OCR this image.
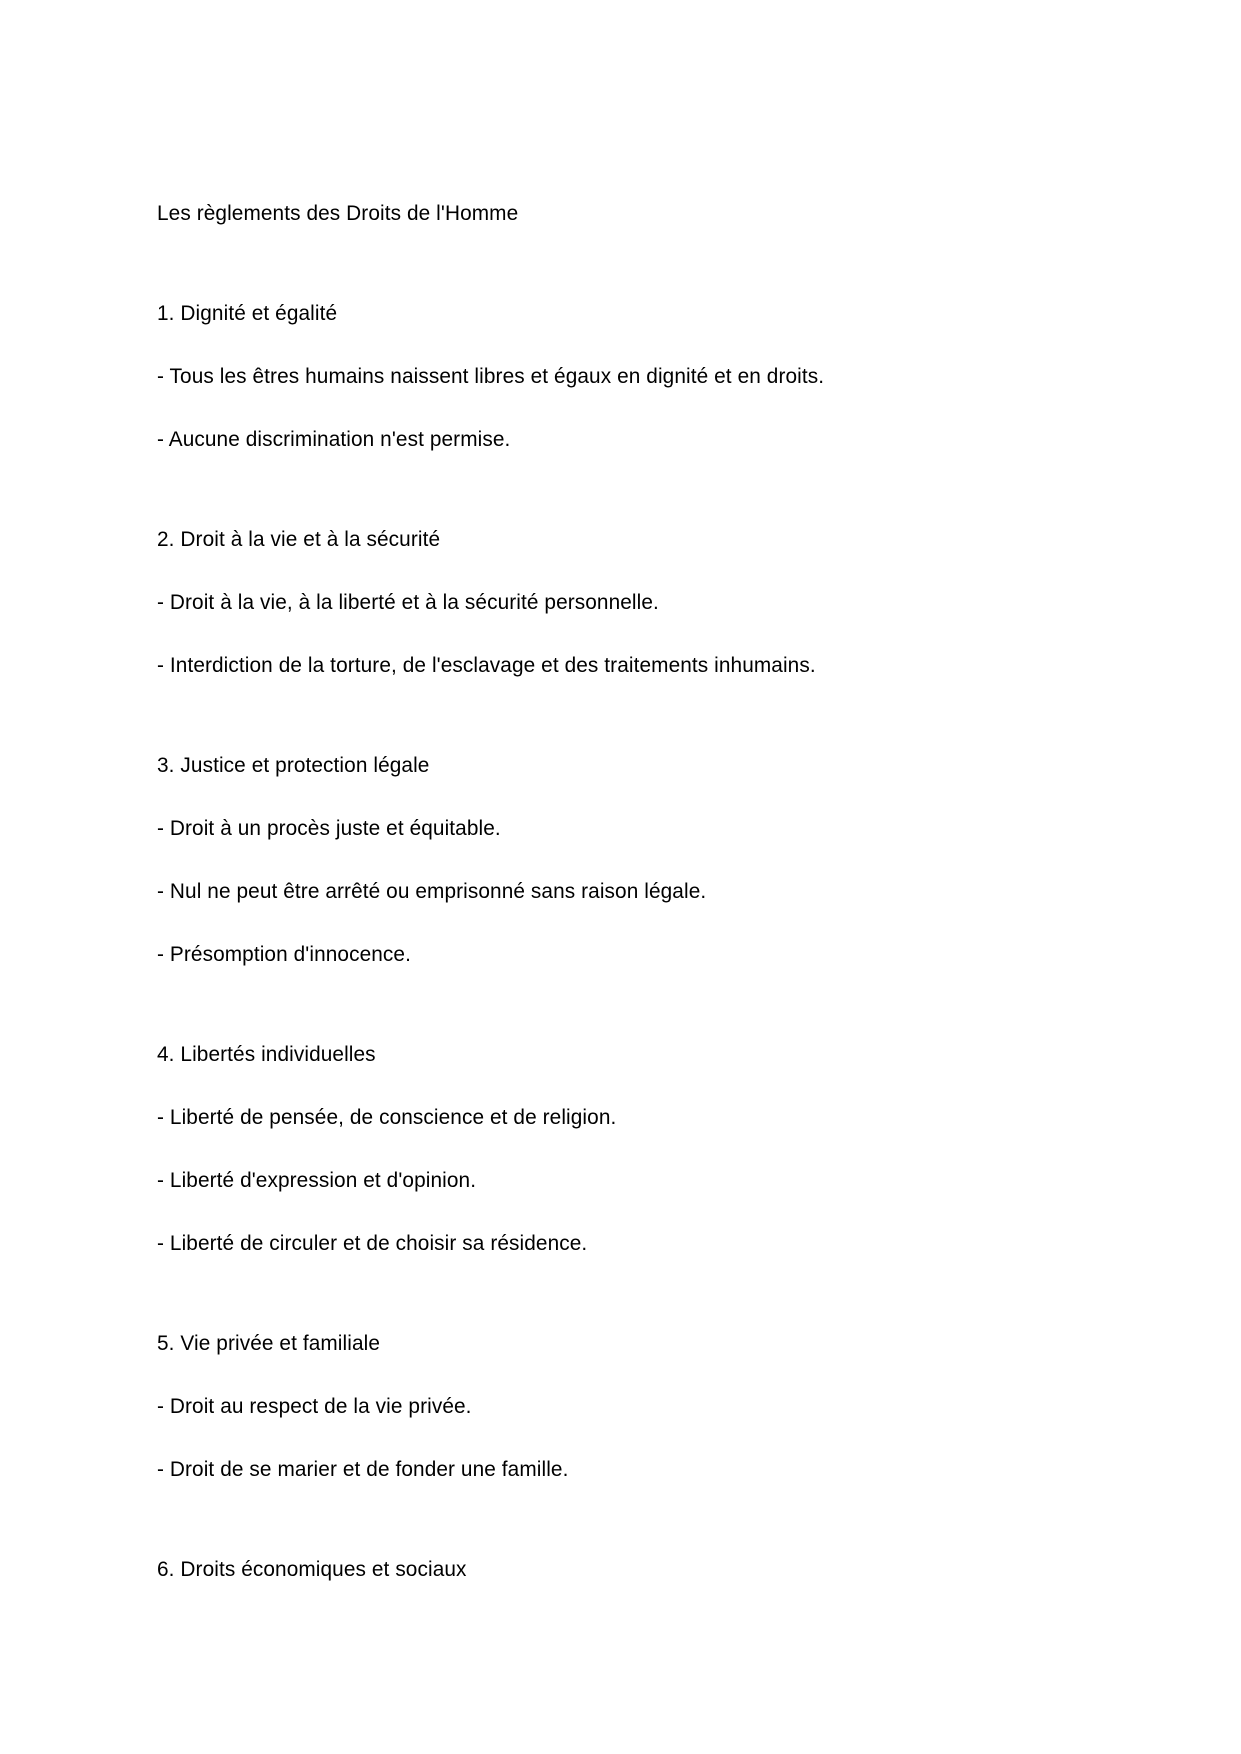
Les règlements des Droits de l'Homme
1. Dignité et égalité
- Tous les êtres humains naissent libres et égaux en dignité et en droits.
- Aucune discrimination n'est permise.
2. Droit à la vie et à la sécurité
- Droit à la vie, à la liberté et à la sécurité personnelle.
- Interdiction de la torture, de l'esclavage et des traitements inhumains.
3. Justice et protection légale
- Droit à un procès juste et équitable.
- Nul ne peut être arrêté ou emprisonné sans raison légale.
- Présomption d'innocence.
4. Libertés individuelles
- Liberté de pensée, de conscience et de religion.
- Liberté d'expression et d'opinion.
- Liberté de circuler et de choisir sa résidence.
5. Vie privée et familiale
- Droit au respect de la vie privée.
- Droit de se marier et de fonder une famille.
6. Droits économiques et sociaux
